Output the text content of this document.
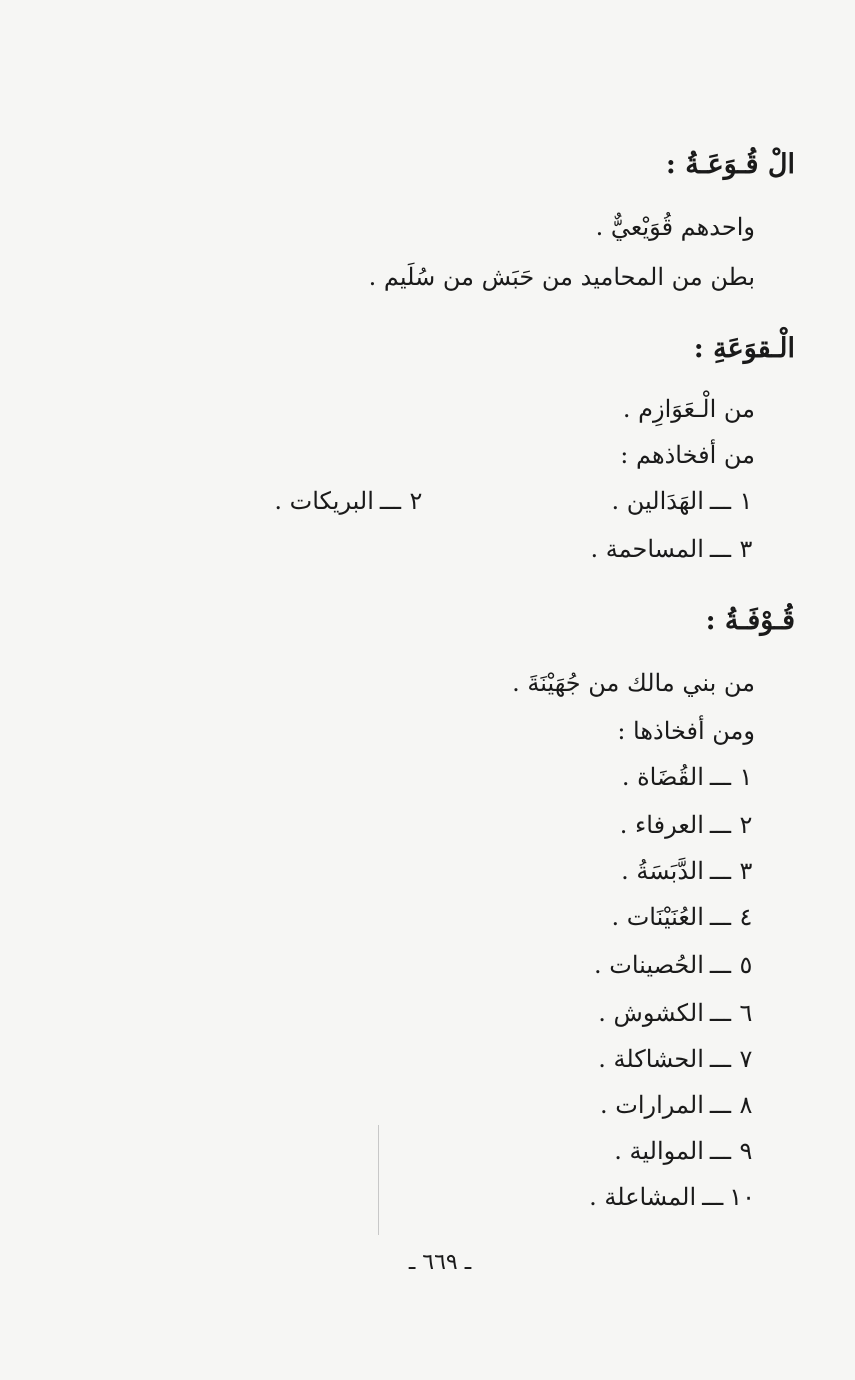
الْ قُـوَعَـةُ :
واحدهم قُوَيْعيٌّ .
بطن من المحاميد من حَبَش من سُلَيم .
الْـقوَعَةِ :
من الْـعَوَازِم .
من أفخاذهم :
١ـــالهَدَالين .
٢ـــالبريكات .
٣ـــالمساحمة .
قُـوْفَـةُ :
من بني مالك من جُهَيْنَةَ .
ومن أفخاذها :
١ـــالقُضَاة .
٢ـــالعرفاء .
٣ـــالدَّبَسَةُ .
٤ـــالعُنَيْنَات .
٥ـــالحُصينات .
٦ـــالكشوش .
٧ـــالحشاكلة .
٨ـــالمرارات .
٩ـــالموالية .
١٠ـــالمشاعلة .
ـ ٦٦٩ ـ
